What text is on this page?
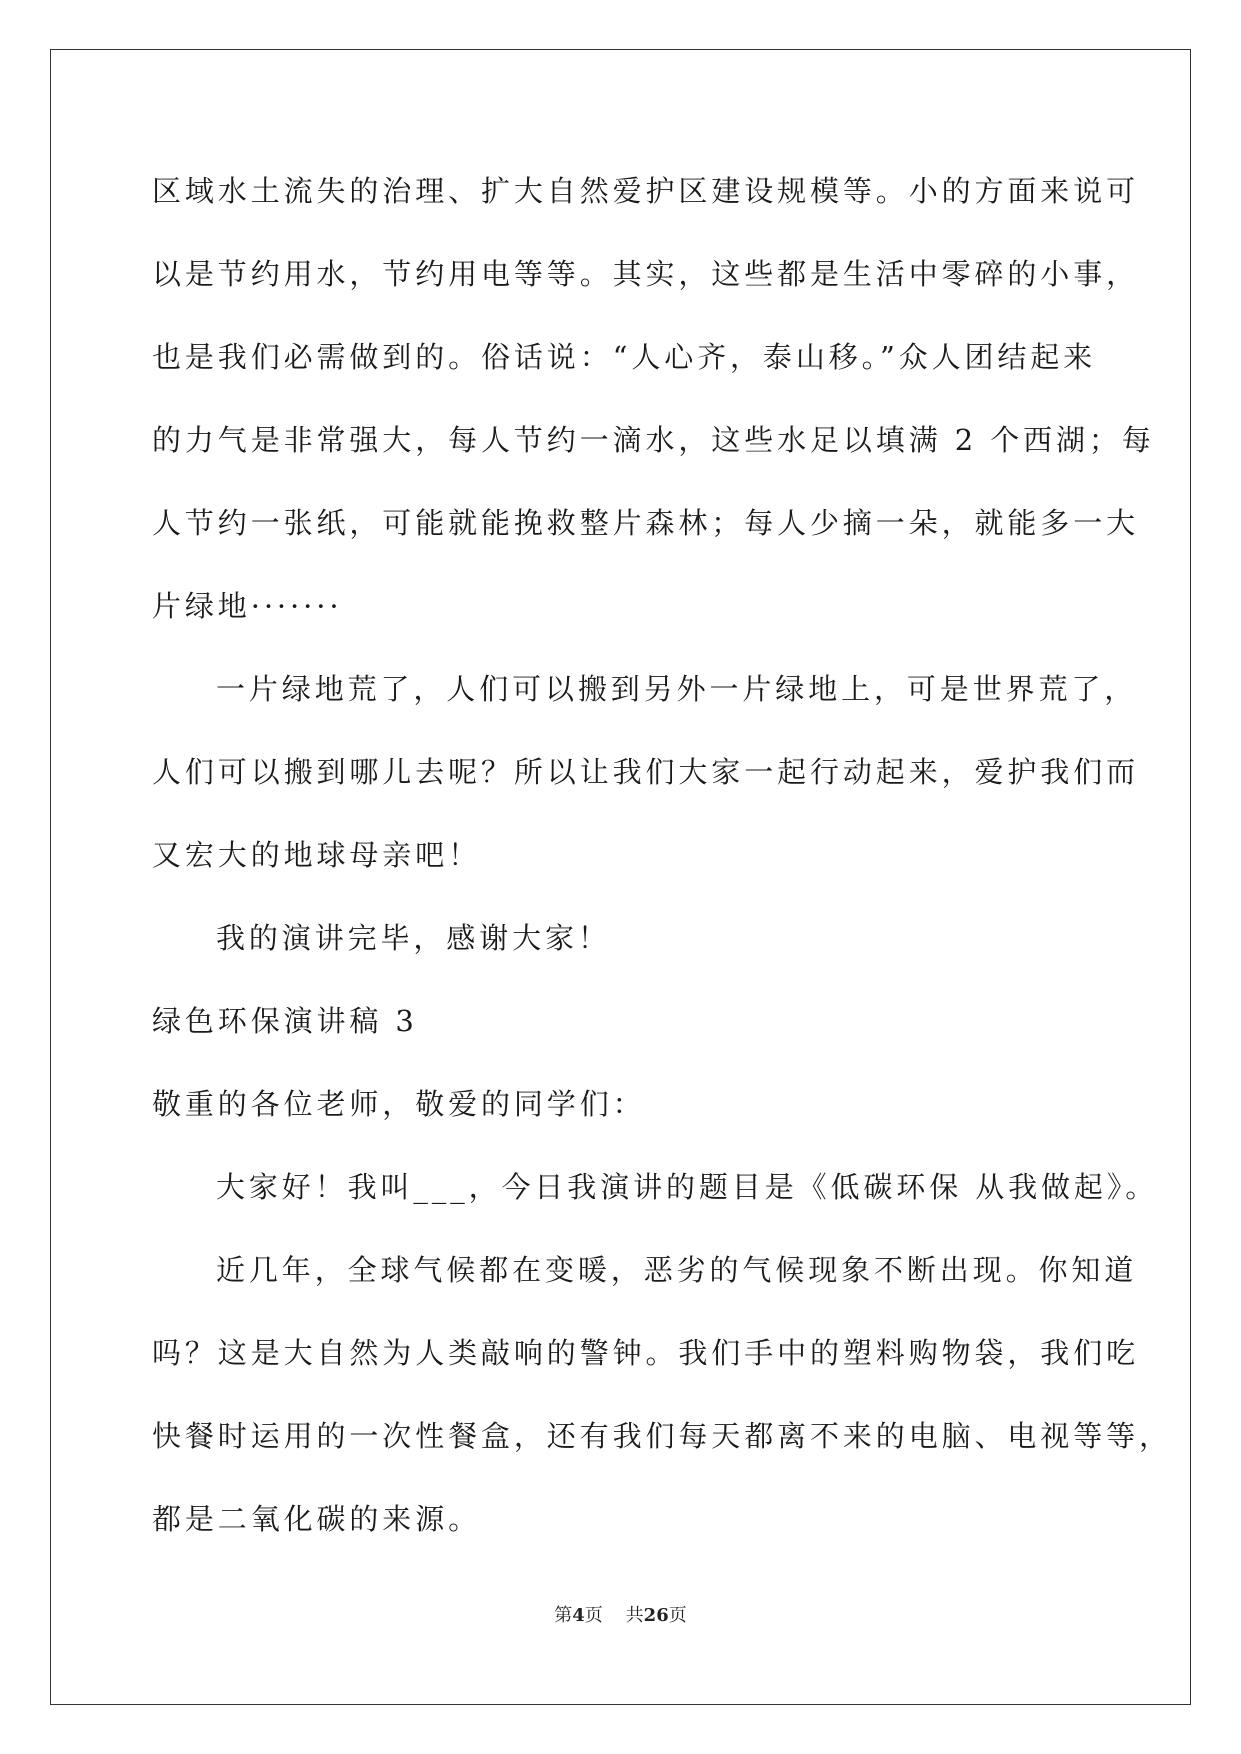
区域水土流失的治理、扩大自然爱护区建设规模等。小的方面来说可
以是节约用水，节约用电等等。其实，这些都是生活中零碎的小事，
也是我们必需做到的。俗话说：“人心齐，泰山移。”众人团结起来
的力气是非常强大，每人节约一滴水，这些水足以填满 2 个西湖；每
人节约一张纸，可能就能挽救整片森林；每人少摘一朵，就能多一大
片绿地·······
一片绿地荒了，人们可以搬到另外一片绿地上，可是世界荒了，
人们可以搬到哪儿去呢？所以让我们大家一起行动起来，爱护我们而
又宏大的地球母亲吧！
我的演讲完毕，感谢大家！
绿色环保演讲稿 3
敬重的各位老师，敬爱的同学们：
大家好！我叫___，今日我演讲的题目是《低碳环保 从我做起》。
近几年，全球气候都在变暖，恶劣的气候现象不断出现。你知道
吗？这是大自然为人类敲响的警钟。我们手中的塑料购物袋，我们吃
快餐时运用的一次性餐盒，还有我们每天都离不来的电脑、电视等等，
都是二氧化碳的来源。
第4页 共26页
